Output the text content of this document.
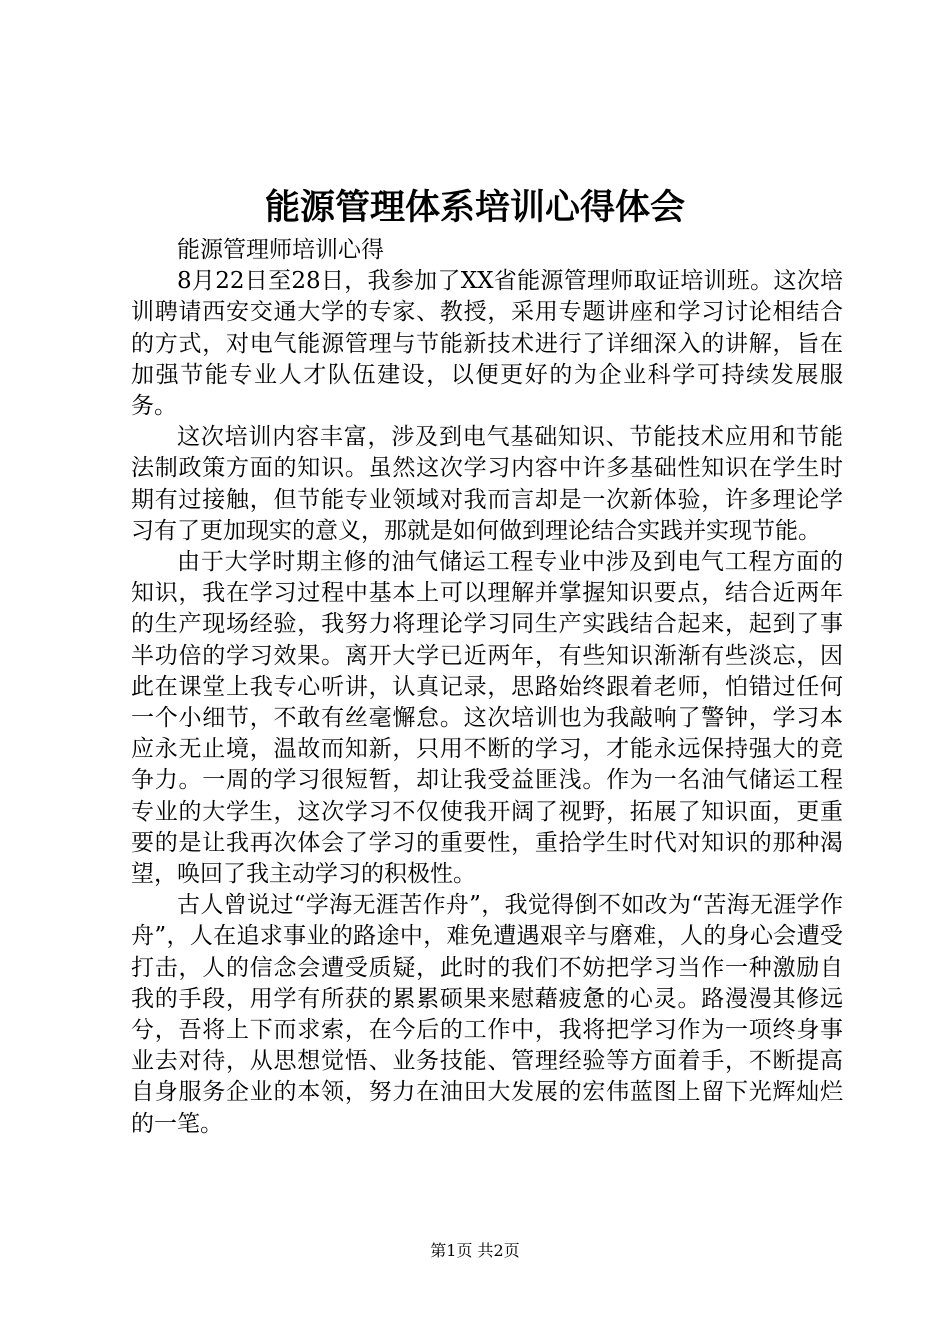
能源管理体系培训心得体会

能源管理师培训心得

8月22日至28日，我参加了XX省能源管理师取证培训班。这次培训聘请西安交通大学的专家、教授，采用专题讲座和学习讨论相结合的方式，对电气能源管理与节能新技术进行了详细深入的讲解，旨在加强节能专业人才队伍建设，以便更好的为企业科学可持续发展服务。

这次培训内容丰富，涉及到电气基础知识、节能技术应用和节能法制政策方面的知识。虽然这次学习内容中许多基础性知识在学生时期有过接触，但节能专业领域对我而言却是一次新体验，许多理论学习有了更加现实的意义，那就是如何做到理论结合实践并实现节能。

由于大学时期主修的油气储运工程专业中涉及到电气工程方面的知识，我在学习过程中基本上可以理解并掌握知识要点，结合近两年的生产现场经验，我努力将理论学习同生产实践结合起来，起到了事半功倍的学习效果。离开大学已近两年，有些知识渐渐有些淡忘，因此在课堂上我专心听讲，认真记录，思路始终跟着老师，怕错过任何一个小细节，不敢有丝毫懈怠。这次培训也为我敲响了警钟，学习本应永无止境，温故而知新，只用不断的学习，才能永远保持强大的竞争力。一周的学习很短暂，却让我受益匪浅。作为一名油气储运工程专业的大学生，这次学习不仅使我开阔了视野，拓展了知识面，更重要的是让我再次体会了学习的重要性，重拾学生时代对知识的那种渴望，唤回了我主动学习的积极性。

古人曾说过“学海无涯苦作舟”，我觉得倒不如改为“苦海无涯学作舟”，人在追求事业的路途中，难免遭遇艰辛与磨难，人的身心会遭受打击，人的信念会遭受质疑，此时的我们不妨把学习当作一种激励自我的手段，用学有所获的累累硕果来慰藉疲惫的心灵。路漫漫其修远兮，吾将上下而求索，在今后的工作中，我将把学习作为一项终身事业去对待，从思想觉悟、业务技能、管理经验等方面着手，不断提高自身服务企业的本领，努力在油田大发展的宏伟蓝图上留下光辉灿烂的一笔。

第1页 共2页
